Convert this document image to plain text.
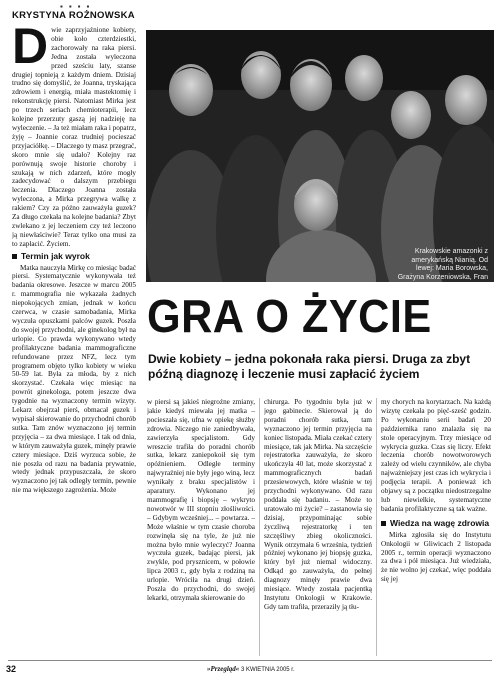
▪ ▪ ▪ ▪
KRYSTYNA ROŻNOWSKA

Dwie zaprzyjaźnione kobiety, obie koło czterdziestki, zachorowały na raka piersi. Jedna została wyleczona przed sześciu laty, szanse drugiej topnieją z każdym dniem. Dzisiaj trudno się domyślić, że Joanna, tryskająca zdrowiem i energią, miała mastektomię i rekonstrukcję piersi. Natomiast Mirka jest po trzech seriach chemioterapii, lecz kolejne przerzuty gaszą jej nadzieję na wyleczenie. – Ja też miałam raka i popatrz, żyję – Joannie coraz trudniej pocieszać przyjaciółkę. – Dlaczego ty masz przegrać, skoro mnie się udało? Kolejny raz porównują swoje historie choroby i szukają w nich zdarzeń, które mogły zadecydować o dalszym przebiegu leczenia. Dlaczego Joanna została wyleczona, a Mirka przegrywa walkę z rakiem? Czy za późno zauważyła guzek? Za długo czekała na kolejne badania? Zbyt zwlekano z jej leczeniem czy też leczono ją niewłaściwie? Teraz tylko ona musi za to zapłacić. Życiem.

Termin jak wyrok

Matka nauczyła Mirkę co miesiąc badać piersi. Systematycznie wykonywała też badania okresowe. Jeszcze w marcu 2005 r. mammografia nie wykazała żadnych niepokojących zmian, jednak w końcu czerwca, w czasie samobadania, Mirka wyczuła opuszkami palców guzek. Poszła do swojej przychodni, ale ginekolog był na urlopie. Co prawda wykonywano wtedy profilaktyczne badania mammograficzne refundowane przez NFZ, lecz tym programem objęto tylko kobiety w wieku 50-59 lat. Była za młoda, by z nich skorzystać. Czekała więc miesiąc na powrót ginekologa, potem jeszcze dwa tygodnie na wyznaczony termin wizyty. Lekarz obejrzał pierś, obmacał guzek i wypisał skierowanie do przychodni chorób sutka. Tam znów wyznaczono jej termin przyjęcia – za dwa miesiące. I tak od dnia, w którym zauważyła guzek, minęły prawie cztery miesiące. Dziś wyrzuca sobie, że nie poszła od razu na badania prywatnie, wtedy jednak przypuszczała, że skoro wyznaczono jej tak odległy termin, pewnie nie ma większego zagrożenia. Może

Krakowskie amazonki z amerykańską Nianią. Od lewej: Maria Borowska, Grażyna Korzeniowska, Fran
GRA O ŻYCIE
Dwie kobiety – jedna pokonała raka piersi. Druga za zbyt późną diagnozę i leczenie musi zapłacić życiem

w piersi są jakieś niegroźne zmiany, jakie kiedyś miewała jej matka – pocieszała się, ufna w opiekę służby zdrowia. Niczego nie zaniedbywała, zawierzyła specjalistom. Gdy wreszcie trafiła do poradni chorób sutka, lekarz zaniepokoił się tym opóźnieniem. Odległe terminy najwyraźniej nie były jego winą, lecz wynikały z braku specjalistów i aparatury. Wykonano jej mammografię i biopsję – wykryto nowotwór w III stopniu złośliwości. – Gdybym wcześniej... – powtarza. – Może właśnie w tym czasie choroba rozwinęła się na tyle, że już nie można było mnie wyleczyć? Joanna wyczuła guzek, badając piersi, jak zwykle, pod prysznicem, w połowie lipca 2003 r., gdy była z rodziną na urlopie. Wróciła na drugi dzień. Poszła do przychodni, do swojej lekarki, otrzymała skierowanie do

chirurga. Po tygodniu była już w jego gabinecie. Skierował ją do poradni chorób sutka, tam wyznaczono jej termin przyjęcia na koniec listopada. Miała czekać cztery miesiące, tak jak Mirka. Na szczęście rejestratorka zauważyła, że skoro ukończyła 40 lat, może skorzystać z mammograficznych badań przesiewowych, które właśnie w tej przychodni wykonywano. Od razu poddała się badaniu. – Może to uratowało mi życie? – zastanowia się dzisiaj, przypominając sobie życzliwą rejestratorkę i ten szczęśliwy zbieg okoliczności. Wynik otrzymała 6 września, tydzień później wykonano jej biopsję guzka, który był już niemal widoczny. Odkąd go zauważyła, do pełnej diagnozy minęły prawie dwa miesiące. Wtedy została pacjentką Instytutu Onkologii w Krakowie. Gdy tam trafiła, przeraziły ją tłu-

my chorych na korytarzach. Na każdą wizytę czekała po pięć-sześć godzin. Po wykonaniu serii badań 20 października rano znalazła się na stole operacyjnym. Trzy miesiące od wykrycia guzka. Czas się liczy. Efekt leczenia chorób nowotworowych zależy od wielu czynników, ale chyba najważniejszy jest czas ich wykrycia i podjęcia terapii. A ponieważ ich objawy są z początku niedostrzegalne lub niewielkie, systematyczne badania profilaktyczne są tak ważne.

Wiedza na wagę zdrowia

Mirka zgłosiła się do Instytutu Onkologii w Gliwicach 2 listopada 2005 r., termin operacji wyznaczono za dwa i pół miesiąca. Już wiedziała, że nie wolno jej czekać, więc poddała się jej

32	»Przegląd« 3 KWIETNIA 2005 r.
